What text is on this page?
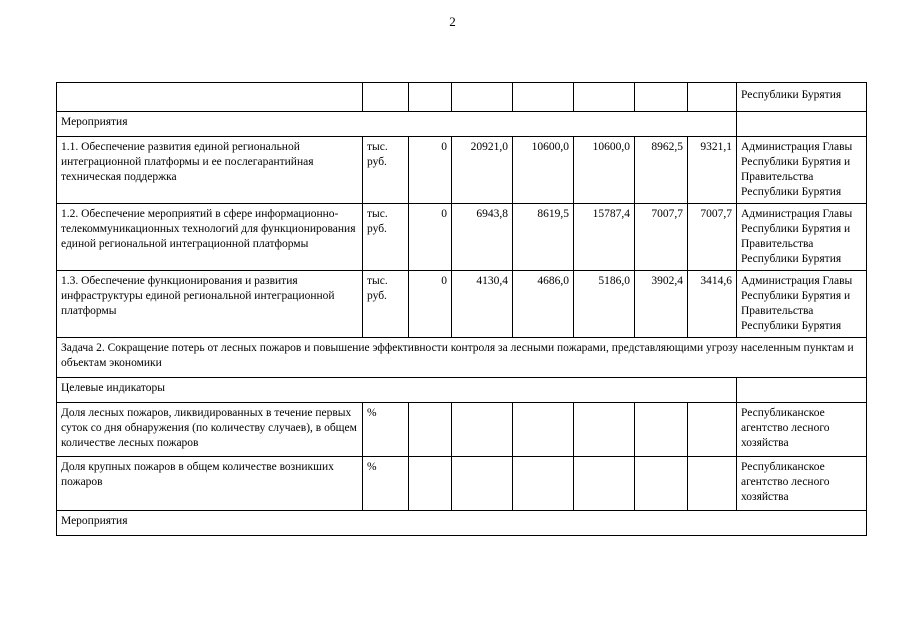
2
								Республики Бурятия
Мероприятия								
1.1. Обеспечение развития единой региональной интеграционной платформы и ее послегарантийная техническая поддержка	тыс. руб.	0	20921,0	10600,0	10600,0	8962,5	9321,1	Администрация Главы Республики Бурятия и Правительства Республики Бурятия
1.2. Обеспечение мероприятий в сфере информационно-телекоммуникационных технологий для функционирования единой региональной интеграционной платформы	тыс. руб.	0	6943,8	8619,5	15787,4	7007,7	7007,7	Администрация Главы Республики Бурятия и Правительства Республики Бурятия
1.3. Обеспечение функционирования и развития инфраструктуры единой региональной интеграционной платформы	тыс. руб.	0	4130,4	4686,0	5186,0	3902,4	3414,6	Администрация Главы Республики Бурятия и Правительства Республики Бурятия
Задача 2. Сокращение потерь от лесных пожаров и повышение эффективности контроля за лесными пожарами, представляющими угрозу населенным пунктам и объектам экономики								
Целевые индикаторы								
Доля лесных пожаров, ликвидированных в течение первых суток со дня обнаружения (по количеству случаев), в общем количестве лесных пожаров	%							Республиканское агентство лесного хозяйства
Доля крупных пожаров в общем количестве возникших пожаров	%							Республиканское агентство лесного хозяйства
Мероприятия								
